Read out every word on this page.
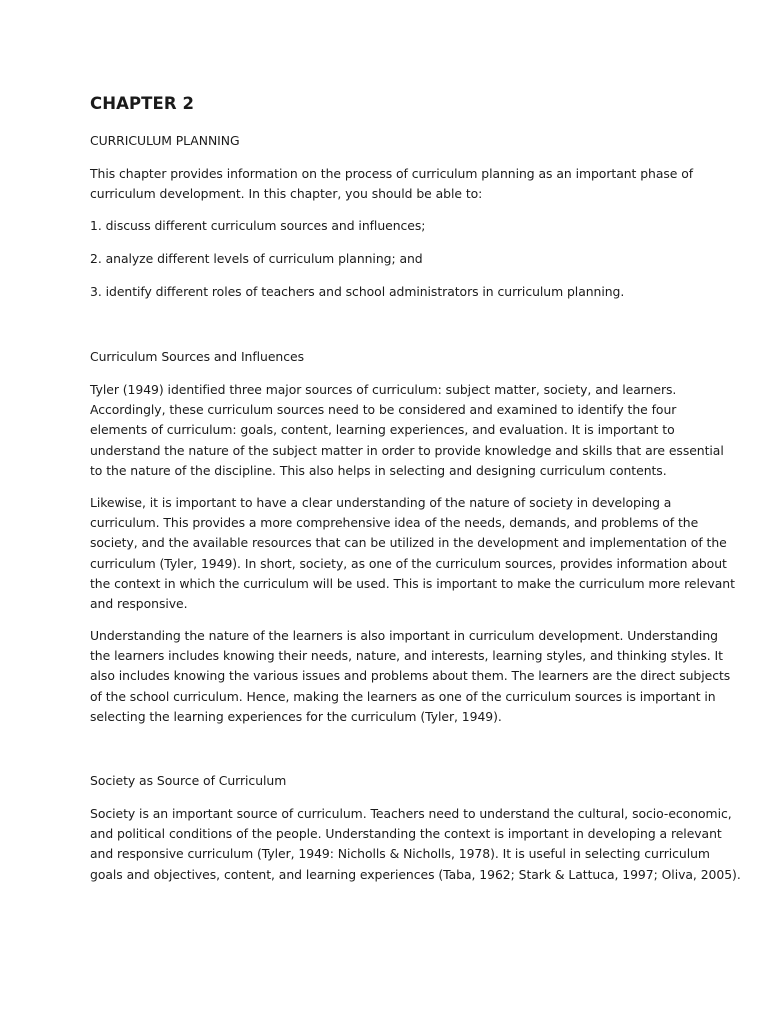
CHAPTER 2

CURRICULUM PLANNING

This chapter provides information on the process of curriculum planning as an important phase of
curriculum development. In this chapter, you should be able to:

1. discuss different curriculum sources and influences;

2. analyze different levels of curriculum planning; and

3. identify different roles of teachers and school administrators in curriculum planning.

Curriculum Sources and Influences

Tyler (1949) identified three major sources of curriculum: subject matter, society, and learners.
Accordingly, these curriculum sources need to be considered and examined to identify the four
elements of curriculum: goals, content, learning experiences, and evaluation. It is important to
understand the nature of the subject matter in order to provide knowledge and skills that are essential
to the nature of the discipline. This also helps in selecting and designing curriculum contents.

Likewise, it is important to have a clear understanding of the nature of society in developing a
curriculum. This provides a more comprehensive idea of the needs, demands, and problems of the
society, and the available resources that can be utilized in the development and implementation of the
curriculum (Tyler, 1949). In short, society, as one of the curriculum sources, provides information about
the context in which the curriculum will be used. This is important to make the curriculum more relevant
and responsive.

Understanding the nature of the learners is also important in curriculum development. Understanding
the learners includes knowing their needs, nature, and interests, learning styles, and thinking styles. It
also includes knowing the various issues and problems about them. The learners are the direct subjects
of the school curriculum. Hence, making the learners as one of the curriculum sources is important in
selecting the learning experiences for the curriculum (Tyler, 1949).

Society as Source of Curriculum

Society is an important source of curriculum. Teachers need to understand the cultural, socio-economic,
and political conditions of the people. Understanding the context is important in developing a relevant
and responsive curriculum (Tyler, 1949: Nicholls & Nicholls, 1978). It is useful in selecting curriculum
goals and objectives, content, and learning experiences (Taba, 1962; Stark & Lattuca, 1997; Oliva, 2005).
